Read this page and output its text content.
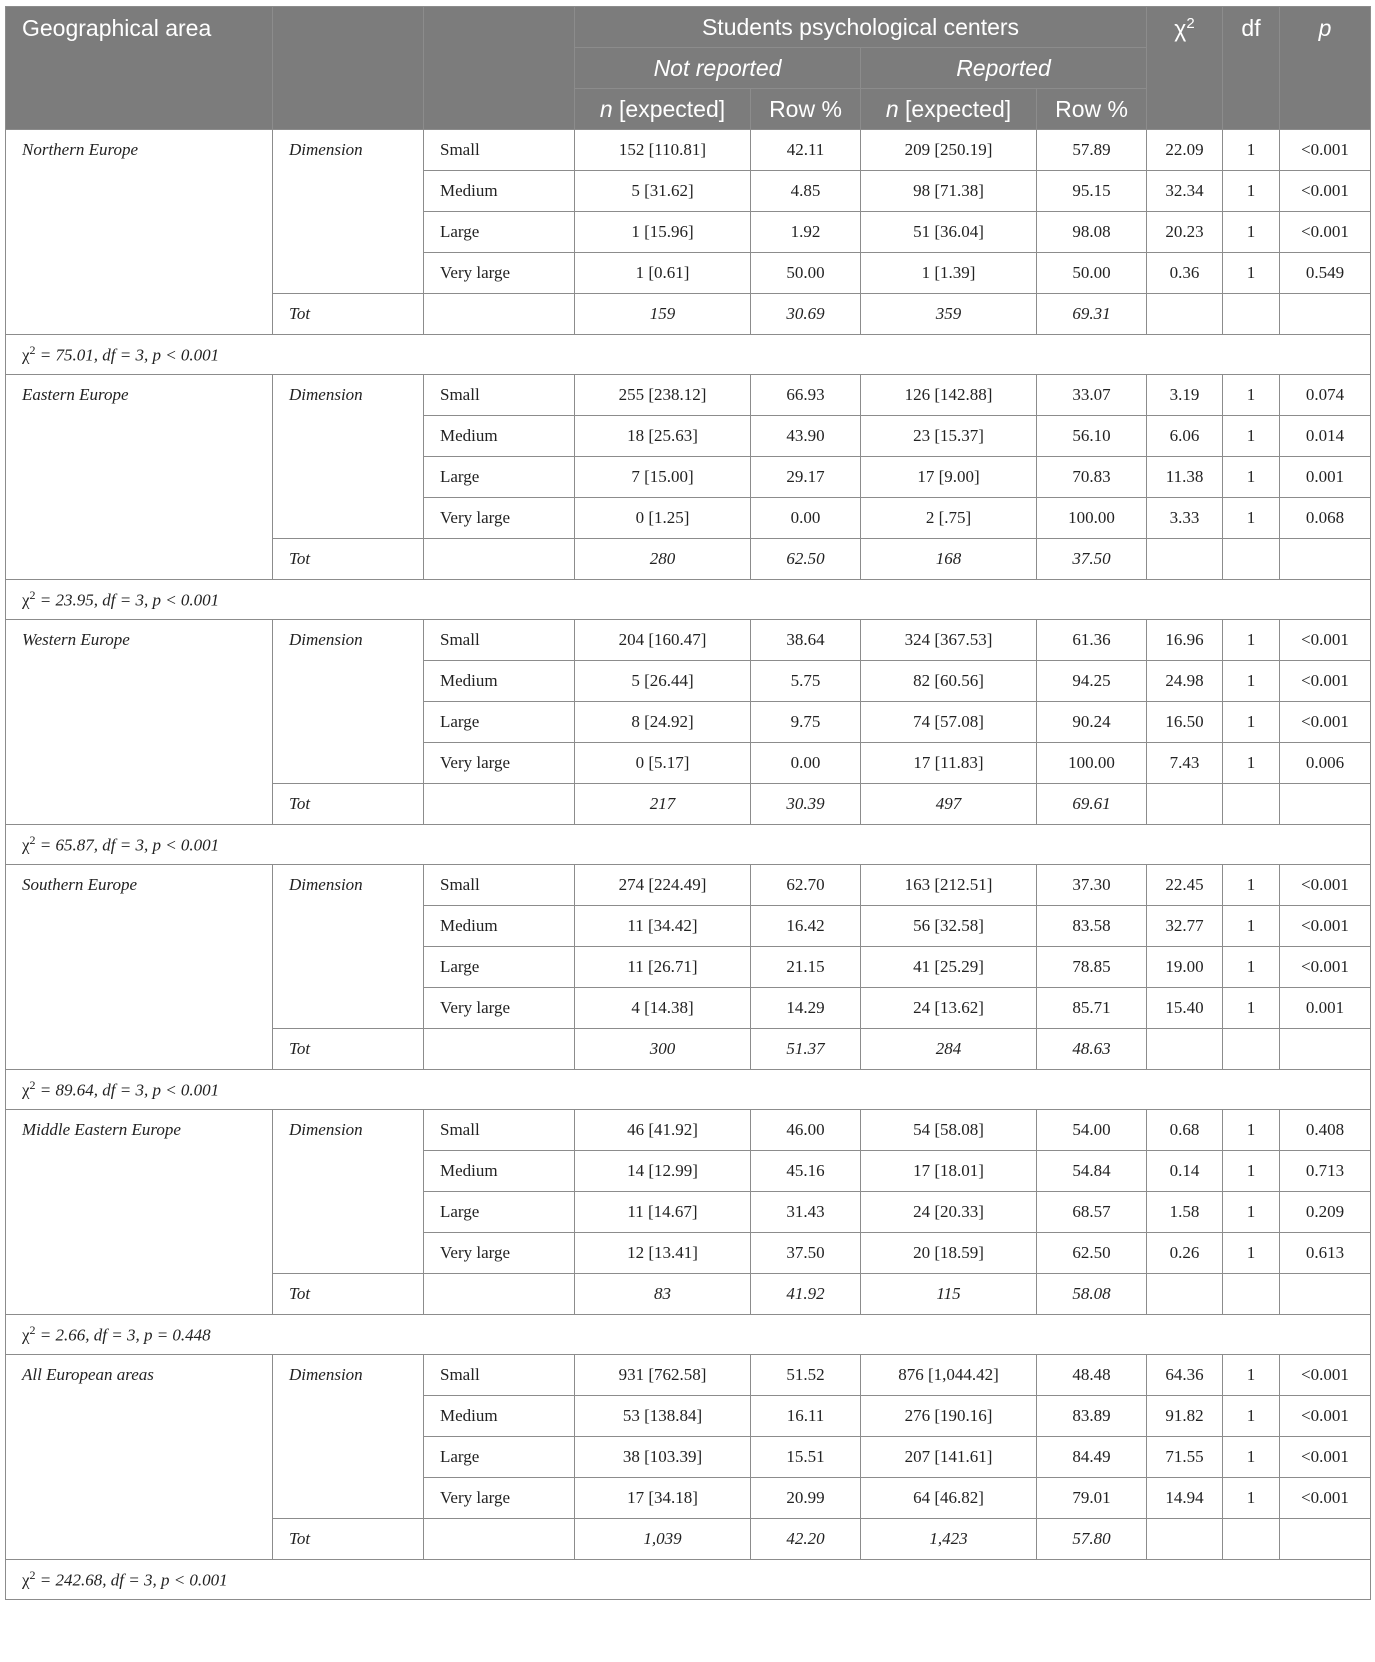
Geographical area			Students psychological centers				$\chi^2$	df	p
			Not reported		Reported				
			n [expected]	Row %	n [expected]	Row %			
Northern Europe	Dimension	Small	152 [110.81]	42.11	209 [250.19]	57.89	22.09	1	<0.001
		Medium	5 [31.62]	4.85	98 [71.38]	95.15	32.34	1	<0.001
		Large	1 [15.96]	1.92	51 [36.04]	98.08	20.23	1	<0.001
		Very large	1 [0.61]	50.00	1 [1.39]	50.00	0.36	1	0.549
	Tot		159	30.69	359	69.31			
$\chi^2 = 75.01$, df = 3, p < 0.001									
Eastern Europe	Dimension	Small	255 [238.12]	66.93	126 [142.88]	33.07	3.19	1	0.074
		Medium	18 [25.63]	43.90	23 [15.37]	56.10	6.06	1	0.014
		Large	7 [15.00]	29.17	17 [9.00]	70.83	11.38	1	0.001
		Very large	0 [1.25]	0.00	2 [.75]	100.00	3.33	1	0.068
	Tot		280	62.50	168	37.50			
$\chi^2 = 23.95$, df = 3, p < 0.001									
Western Europe	Dimension	Small	204 [160.47]	38.64	324 [367.53]	61.36	16.96	1	<0.001
		Medium	5 [26.44]	5.75	82 [60.56]	94.25	24.98	1	<0.001
		Large	8 [24.92]	9.75	74 [57.08]	90.24	16.50	1	<0.001
		Very large	0 [5.17]	0.00	17 [11.83]	100.00	7.43	1	0.006
	Tot		217	30.39	497	69.61			
$\chi^2 = 65.87$, df = 3, p < 0.001									
Southern Europe	Dimension	Small	274 [224.49]	62.70	163 [212.51]	37.30	22.45	1	<0.001
		Medium	11 [34.42]	16.42	56 [32.58]	83.58	32.77	1	<0.001
		Large	11 [26.71]	21.15	41 [25.29]	78.85	19.00	1	<0.001
		Very large	4 [14.38]	14.29	24 [13.62]	85.71	15.40	1	0.001
	Tot		300	51.37	284	48.63			
$\chi^2 = 89.64$, df = 3, p < 0.001									
Middle Eastern Europe	Dimension	Small	46 [41.92]	46.00	54 [58.08]	54.00	0.68	1	0.408
		Medium	14 [12.99]	45.16	17 [18.01]	54.84	0.14	1	0.713
		Large	11 [14.67]	31.43	24 [20.33]	68.57	1.58	1	0.209
		Very large	12 [13.41]	37.50	20 [18.59]	62.50	0.26	1	0.613
	Tot		83	41.92	115	58.08			
$\chi^2 = 2.66$, df = 3, p = 0.448									
All European areas	Dimension	Small	931 [762.58]	51.52	876 [1,044.42]	48.48	64.36	1	<0.001
		Medium	53 [138.84]	16.11	276 [190.16]	83.89	91.82	1	<0.001
		Large	38 [103.39]	15.51	207 [141.61]	84.49	71.55	1	<0.001
		Very large	17 [34.18]	20.99	64 [46.82]	79.01	14.94	1	<0.001
	Tot		1,039	42.20	1,423	57.80			
$\chi^2 = 242.68$, df = 3, p < 0.001									
